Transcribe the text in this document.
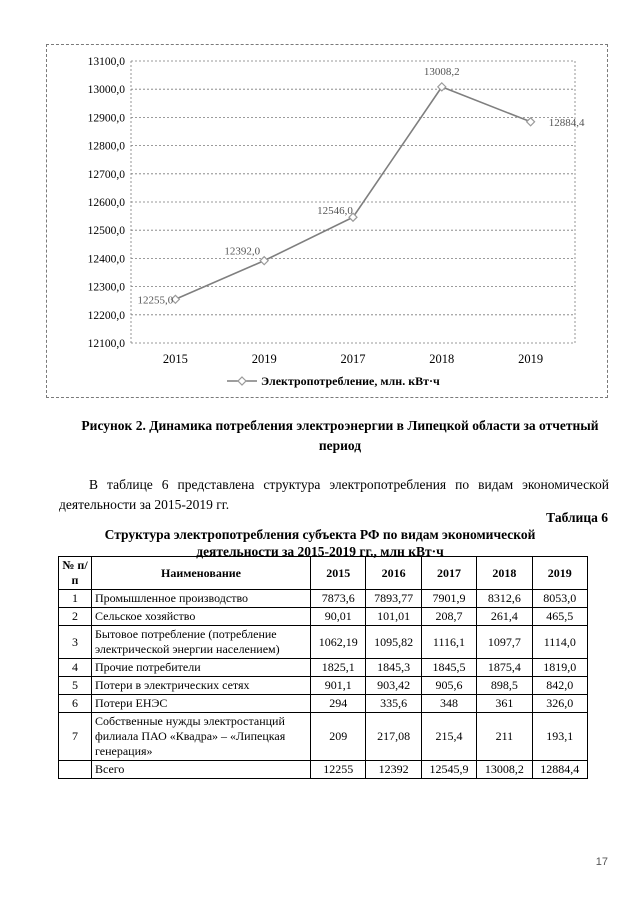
12100,0
12200,0
12300,0
12400,0
12500,0
12600,0
12700,0
12800,0
12900,0
13000,0
13100,0
2015	2019	2017	2018	2019
12255,0
12392,0
12546,0
13008,2
12884,4
Электропотребление, млн. кВт·ч
Рисунок 2. Динамика потребления электроэнергии в Липецкой области за отчетный период
В таблице 6 представлена структура электропотребления по видам экономической деятельности за 2015-2019 гг.
Таблица 6
Структура электропотребления субъекта РФ по видам экономической деятельности за 2015-2019 гг., млн кВт·ч
№ п/п	Наименование	2015	2016	2017	2018	2019
1	Промышленное производство	7873,6	7893,77	7901,9	8312,6	8053,0
2	Сельское хозяйство	90,01	101,01	208,7	261,4	465,5
3	Бытовое потребление (потребление электрической энергии населением)	1062,19	1095,82	1116,1	1097,7	1114,0
4	Прочие потребители	1825,1	1845,3	1845,5	1875,4	1819,0
5	Потери в электрических сетях	901,1	903,42	905,6	898,5	842,0
6	Потери ЕНЭС	294	335,6	348	361	326,0
7	Собственные нужды электростанций филиала ПАО «Квадра» – «Липецкая генерация»	209	217,08	215,4	211	193,1
	Всего	12255	12392	12545,9	13008,2	12884,4
17
